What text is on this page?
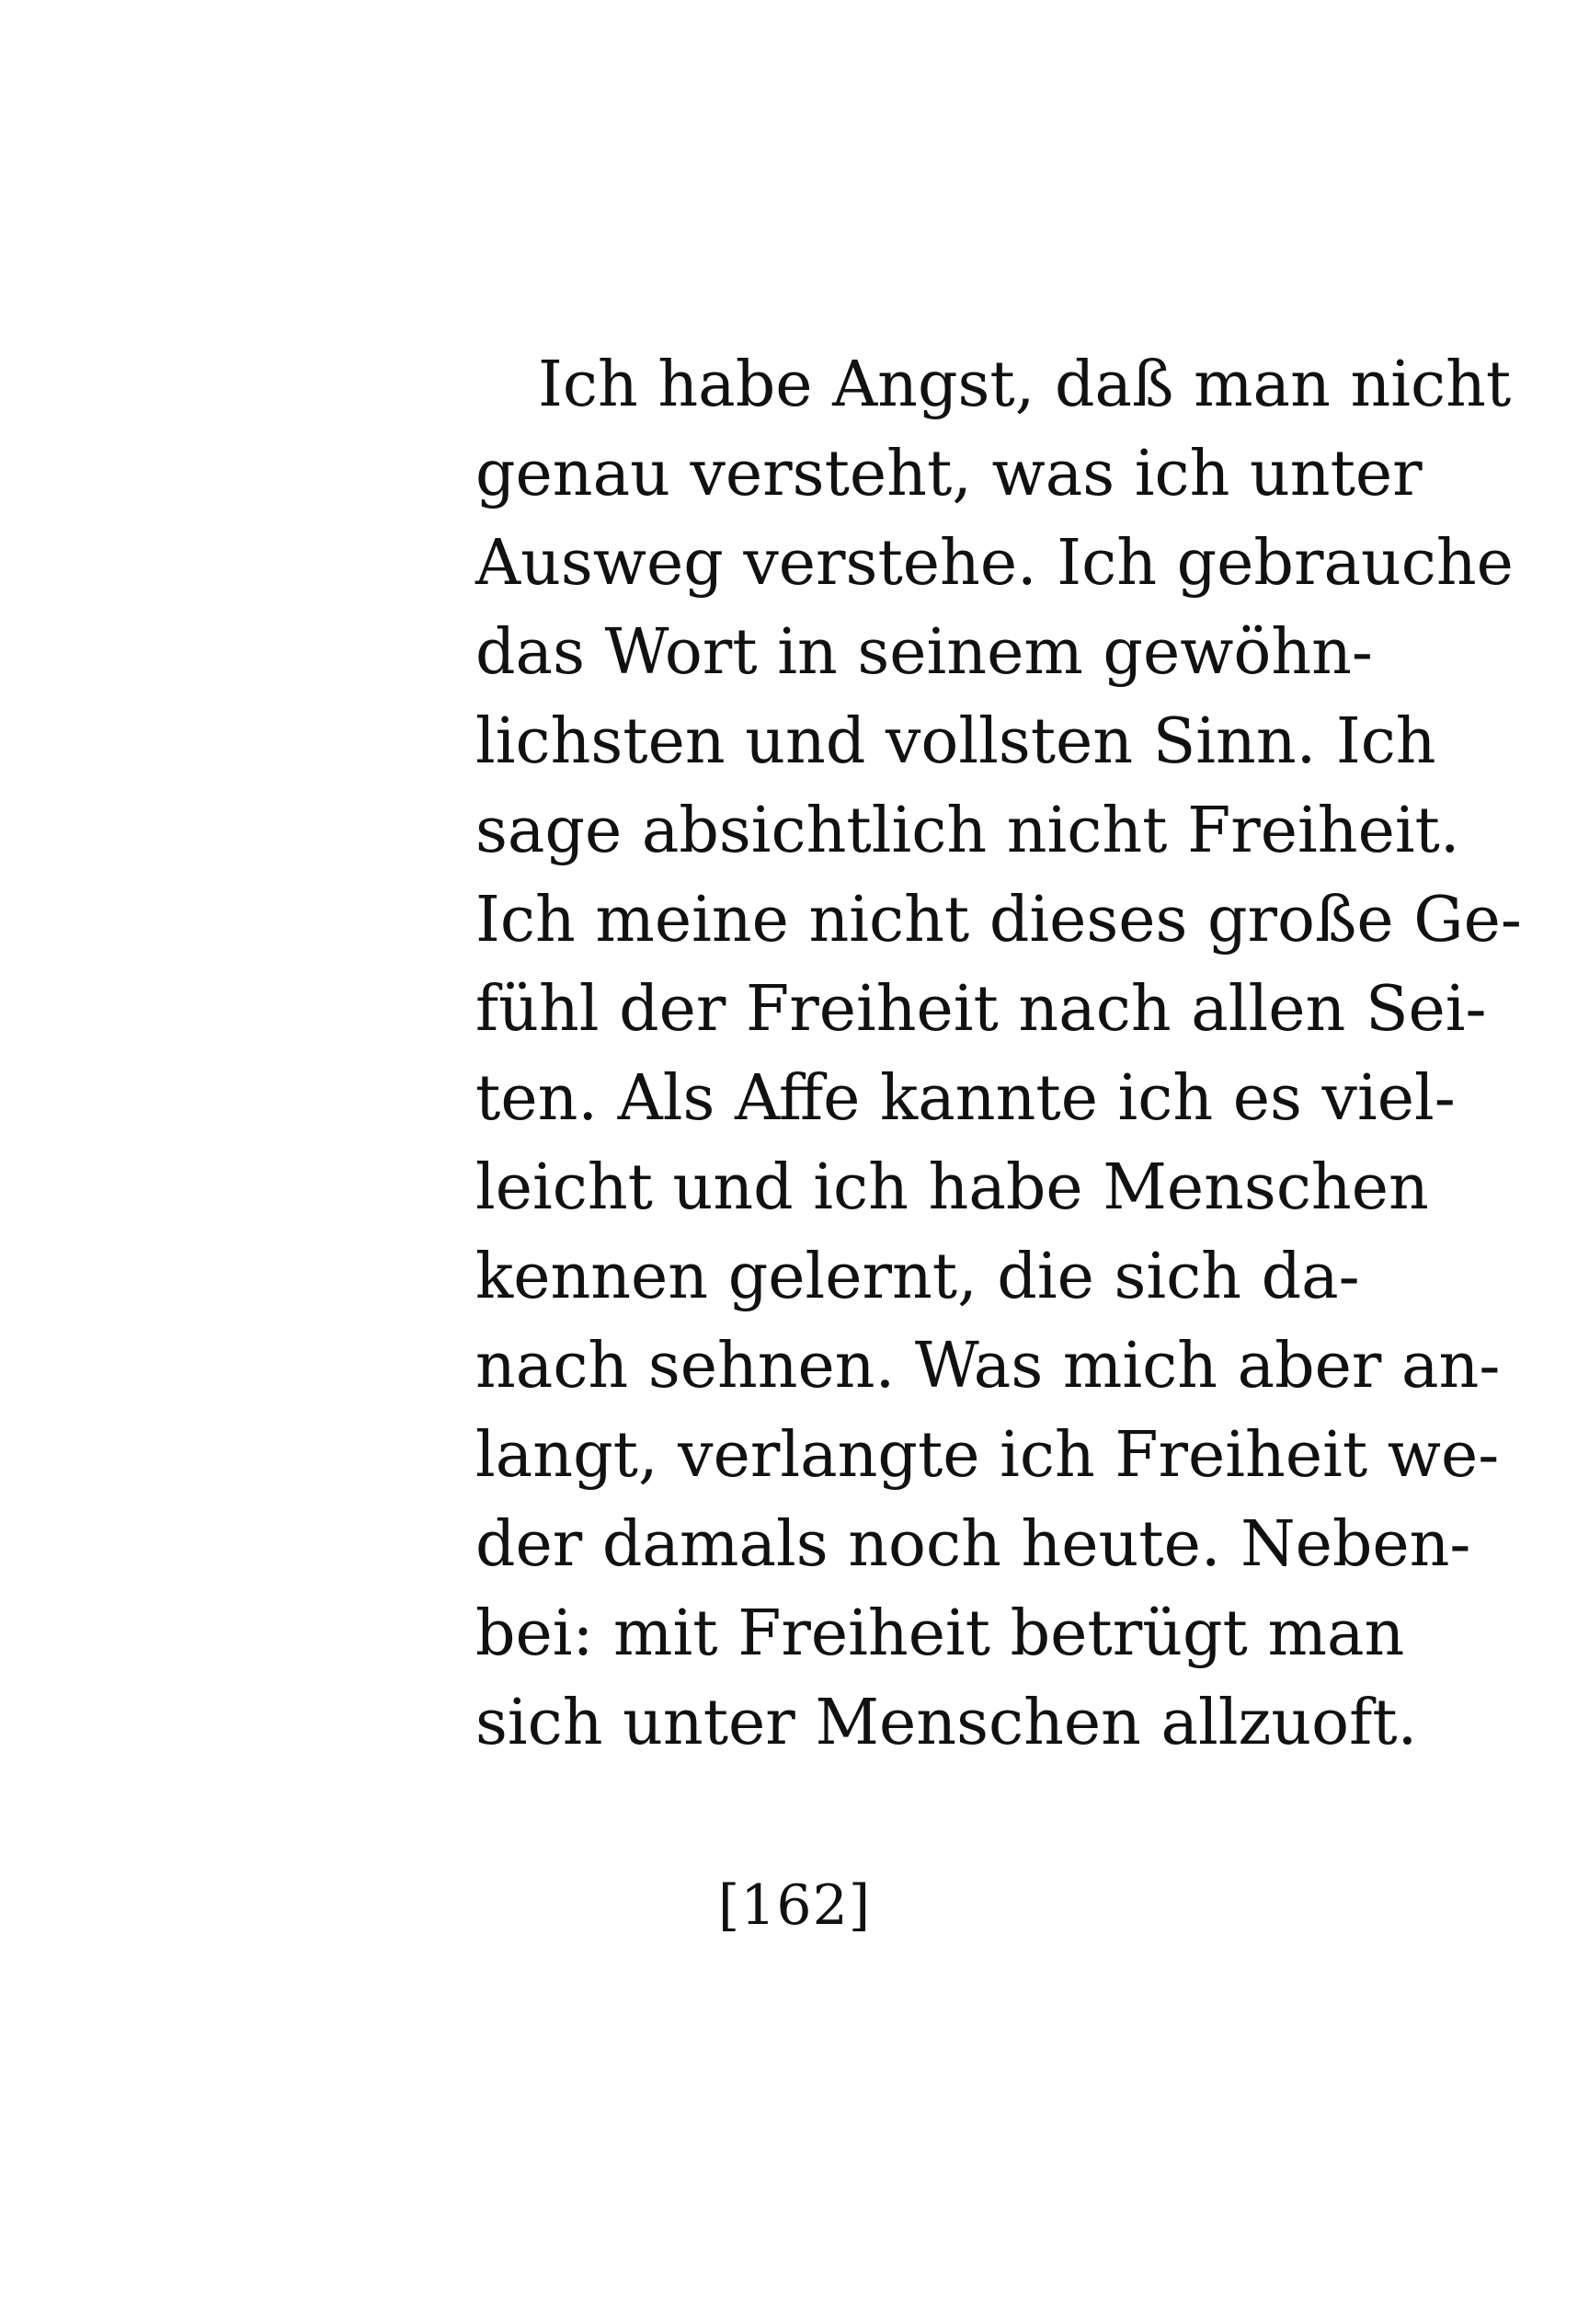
Ich habe Angst, daß man nicht
genau versteht, was ich unter
Ausweg verstehe. Ich gebrauche
das Wort in seinem gewöhn-
lichsten und vollsten Sinn. Ich
sage absichtlich nicht Freiheit.
Ich meine nicht dieses große Ge-
fühl der Freiheit nach allen Sei-
ten. Als Affe kannte ich es viel-
leicht und ich habe Menschen
kennen gelernt, die sich da-
nach sehnen. Was mich aber an-
langt, verlangte ich Freiheit we-
der damals noch heute. Neben-
bei: mit Freiheit betrügt man
sich unter Menschen allzuoft.
[162]
